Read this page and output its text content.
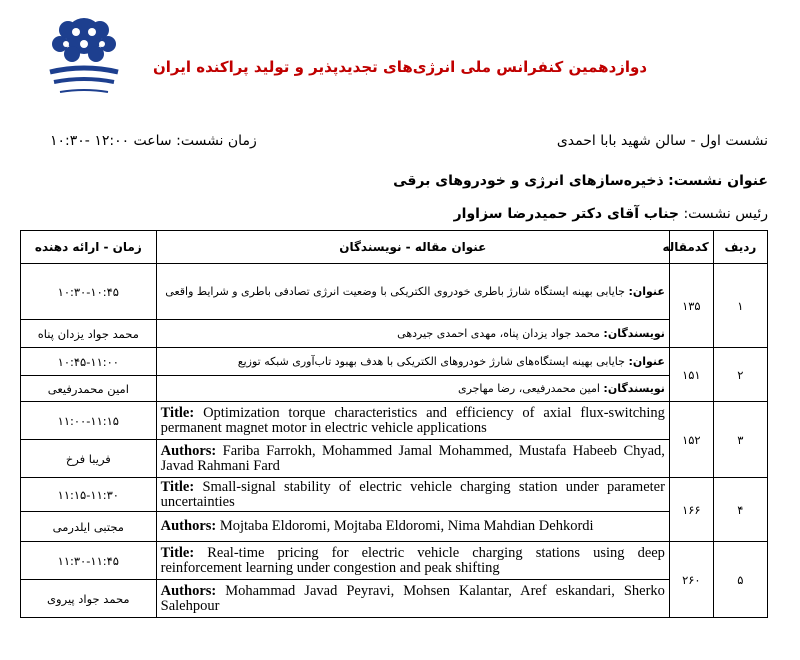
دوازدهمین کنفرانس ملی انرژی‌های تجدیدپذیر و تولید پراکنده ایران
نشست اول - سالن شهید بابا احمدی
زمان نشست: ساعت ۱۲:۰۰ -۱۰:۳۰
عنوان نشست: ذخیره‌سازهای انرژی و خودروهای برقی
رئیس نشست: جناب آقای دکتر حمیدرضا سزاوار
ردیف	کدمقاله	عنوان مقاله - نویسندگان	زمان - ارائه دهنده
۱	۱۳۵	عنوان: جایابی بهینه ایستگاه شارژ باطری خودروی الکتریکی با وضعیت انرژی تصادفی باطری و شرایط واقعی	۱۰:۳۰-۱۰:۴۵
		نویسندگان: محمد جواد یزدان پناه، مهدی احمدی جیردهی	محمد جواد یزدان پناه
۲	۱۵۱	عنوان: جایابی بهینه ایستگاه‌های شارژ خودروهای الکتریکی با هدف بهبود تاب‌آوری شبکه توزیع	۱۰:۴۵-۱۱:۰۰
		نویسندگان: امین محمدرفیعی، رضا مهاجری	امین محمدرفیعی
۳	۱۵۲	Title: Optimization torque characteristics and efficiency of axial flux-switching permanent magnet motor in electric vehicle applications	۱۱:۰۰-۱۱:۱۵
		Authors: Fariba Farrokh, Mohammed Jamal Mohammed, Mustafa Habeeb Chyad, Javad Rahmani Fard	فریبا فرخ
۴	۱۶۶	Title: Small-signal stability of electric vehicle charging station under parameter uncertainties	۱۱:۱۵-۱۱:۳۰
		Authors: Mojtaba Eldoromi, Mojtaba Eldoromi, Nima Mahdian Dehkordi	مجتبی ایلدرمی
۵	۲۶۰	Title: Real-time pricing for electric vehicle charging stations using deep reinforcement learning under congestion and peak shifting	۱۱:۳۰-۱۱:۴۵
		Authors: Mohammad Javad Peyravi, Mohsen Kalantar, Aref eskandari, Sherko Salehpour	محمد جواد پیروی
